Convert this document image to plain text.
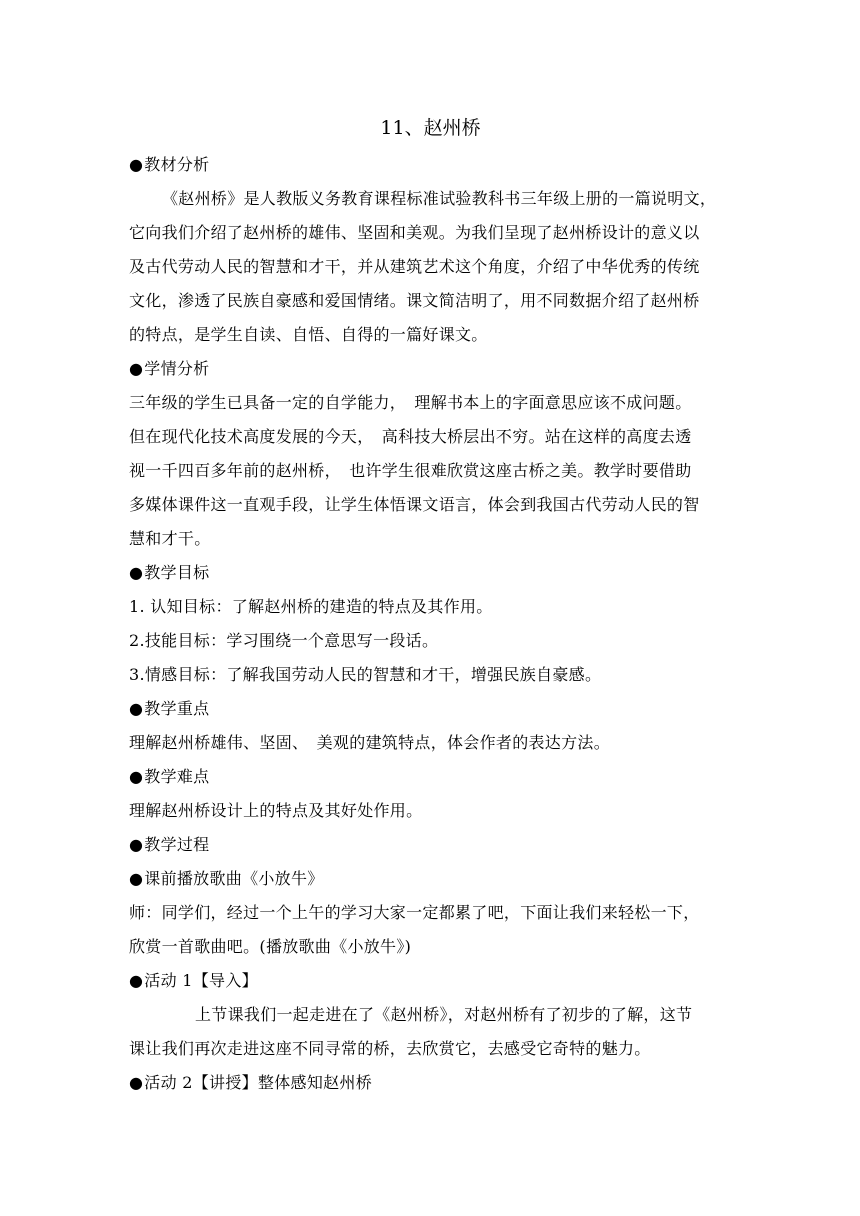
11、赵州桥
●教材分析
《赵州桥》是人教版义务教育课程标准试验教科书三年级上册的一篇说明文，
它向我们介绍了赵州桥的雄伟、坚固和美观。为我们呈现了赵州桥设计的意义以
及古代劳动人民的智慧和才干，并从建筑艺术这个角度，介绍了中华优秀的传统
文化，渗透了民族自豪感和爱国情绪。课文简洁明了，用不同数据介绍了赵州桥
的特点，是学生自读、自悟、自得的一篇好课文。
●学情分析
三年级的学生已具备一定的自学能力，　理解书本上的字面意思应该不成问题。
但在现代化技术高度发展的今天，　高科技大桥层出不穷。站在这样的高度去透
视一千四百多年前的赵州桥，　也许学生很难欣赏这座古桥之美。教学时要借助
多媒体课件这一直观手段，让学生体悟课文语言，体会到我国古代劳动人民的智
慧和才干。
●教学目标
1. 认知目标：了解赵州桥的建造的特点及其作用。
2.技能目标：学习围绕一个意思写一段话。
3.情感目标：了解我国劳动人民的智慧和才干，增强民族自豪感。
●教学重点
理解赵州桥雄伟、坚固、　美观的建筑特点，体会作者的表达方法。
●教学难点
理解赵州桥设计上的特点及其好处作用。
●教学过程
●课前播放歌曲《小放牛》
师：同学们，经过一个上午的学习大家一定都累了吧，下面让我们来轻松一下，
欣赏一首歌曲吧。(播放歌曲《小放牛》)
●活动 1【导入】
上节课我们一起走进在了《赵州桥》，对赵州桥有了初步的了解，这节
课让我们再次走进这座不同寻常的桥，去欣赏它，去感受它奇特的魅力。
●活动 2【讲授】整体感知赵州桥
